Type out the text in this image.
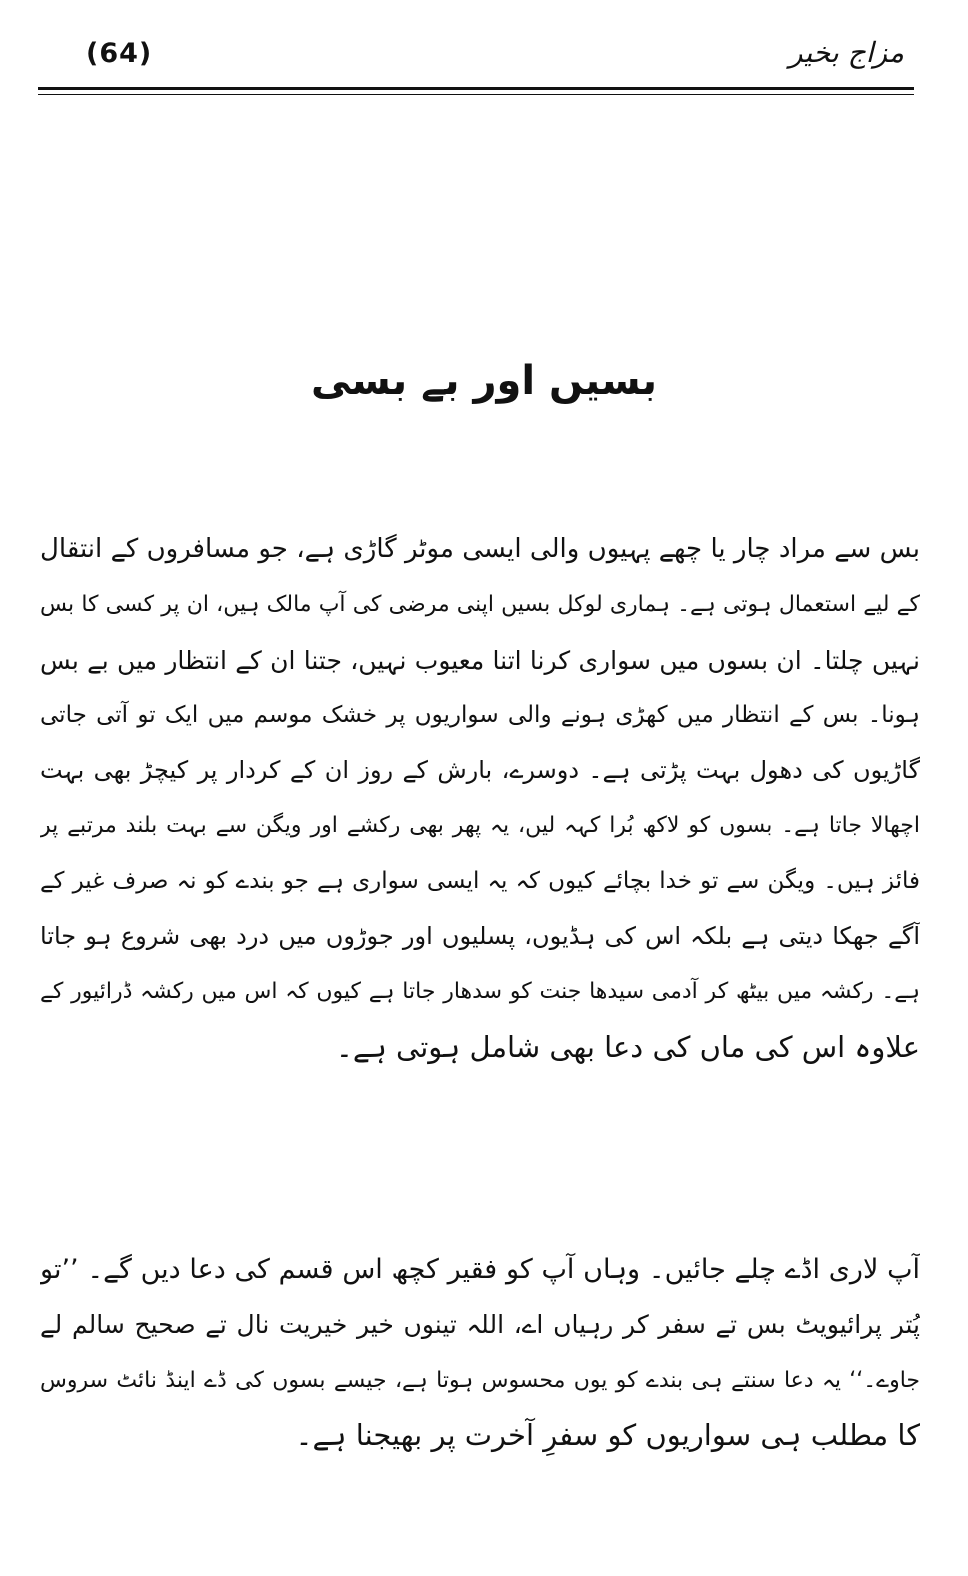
(64)	مزاج بخیر
بسیں اور بے بسی
بس سے مراد چار یا چھے پہیوں والی ایسی موٹر گاڑی ہے، جو مسافروں کے انتقال
کے لیے استعمال ہوتی ہے۔ ہماری لوکل بسیں اپنی مرضی کی آپ مالک ہیں، ان پر کسی کا بس
نہیں چلتا۔ ان بسوں میں سواری کرنا اتنا معیوب نہیں، جتنا ان کے انتظار میں بے بس
ہونا۔ بس کے انتظار میں کھڑی ہونے والی سواریوں پر خشک موسم میں ایک تو آتی جاتی
گاڑیوں کی دھول بہت پڑتی ہے۔ دوسرے، بارش کے روز ان کے کردار پر کیچڑ بھی بہت
اچھالا جاتا ہے۔ بسوں کو لاکھ بُرا کہہ لیں، یہ پھر بھی رکشے اور ویگن سے بہت بلند مرتبے پر
فائز ہیں۔ ویگن سے تو خدا بچائے کیوں کہ یہ ایسی سواری ہے جو بندے کو نہ صرف غیر کے
آگے جھکا دیتی ہے بلکہ اس کی ہڈیوں، پسلیوں اور جوڑوں میں درد بھی شروع ہو جاتا
ہے۔ رکشہ میں بیٹھ کر آدمی سیدھا جنت کو سدھار جاتا ہے کیوں کہ اس میں رکشہ ڈرائیور کے
علاوہ اس کی ماں کی دعا بھی شامل ہوتی ہے۔
آپ لاری اڈے چلے جائیں۔ وہاں آپ کو فقیر کچھ اس قسم کی دعا دیں گے۔ ’’تو
پُتر پرائیویٹ بس تے سفر کر رہیاں اے، اللہ تینوں خیر خیریت نال تے صحیح سالم لے
جاوے۔‘‘ یہ دعا سنتے ہی بندے کو یوں محسوس ہوتا ہے، جیسے بسوں کی ڈے اینڈ نائٹ سروس
کا مطلب ہی سواریوں کو سفرِ آخرت پر بھیجنا ہے۔
